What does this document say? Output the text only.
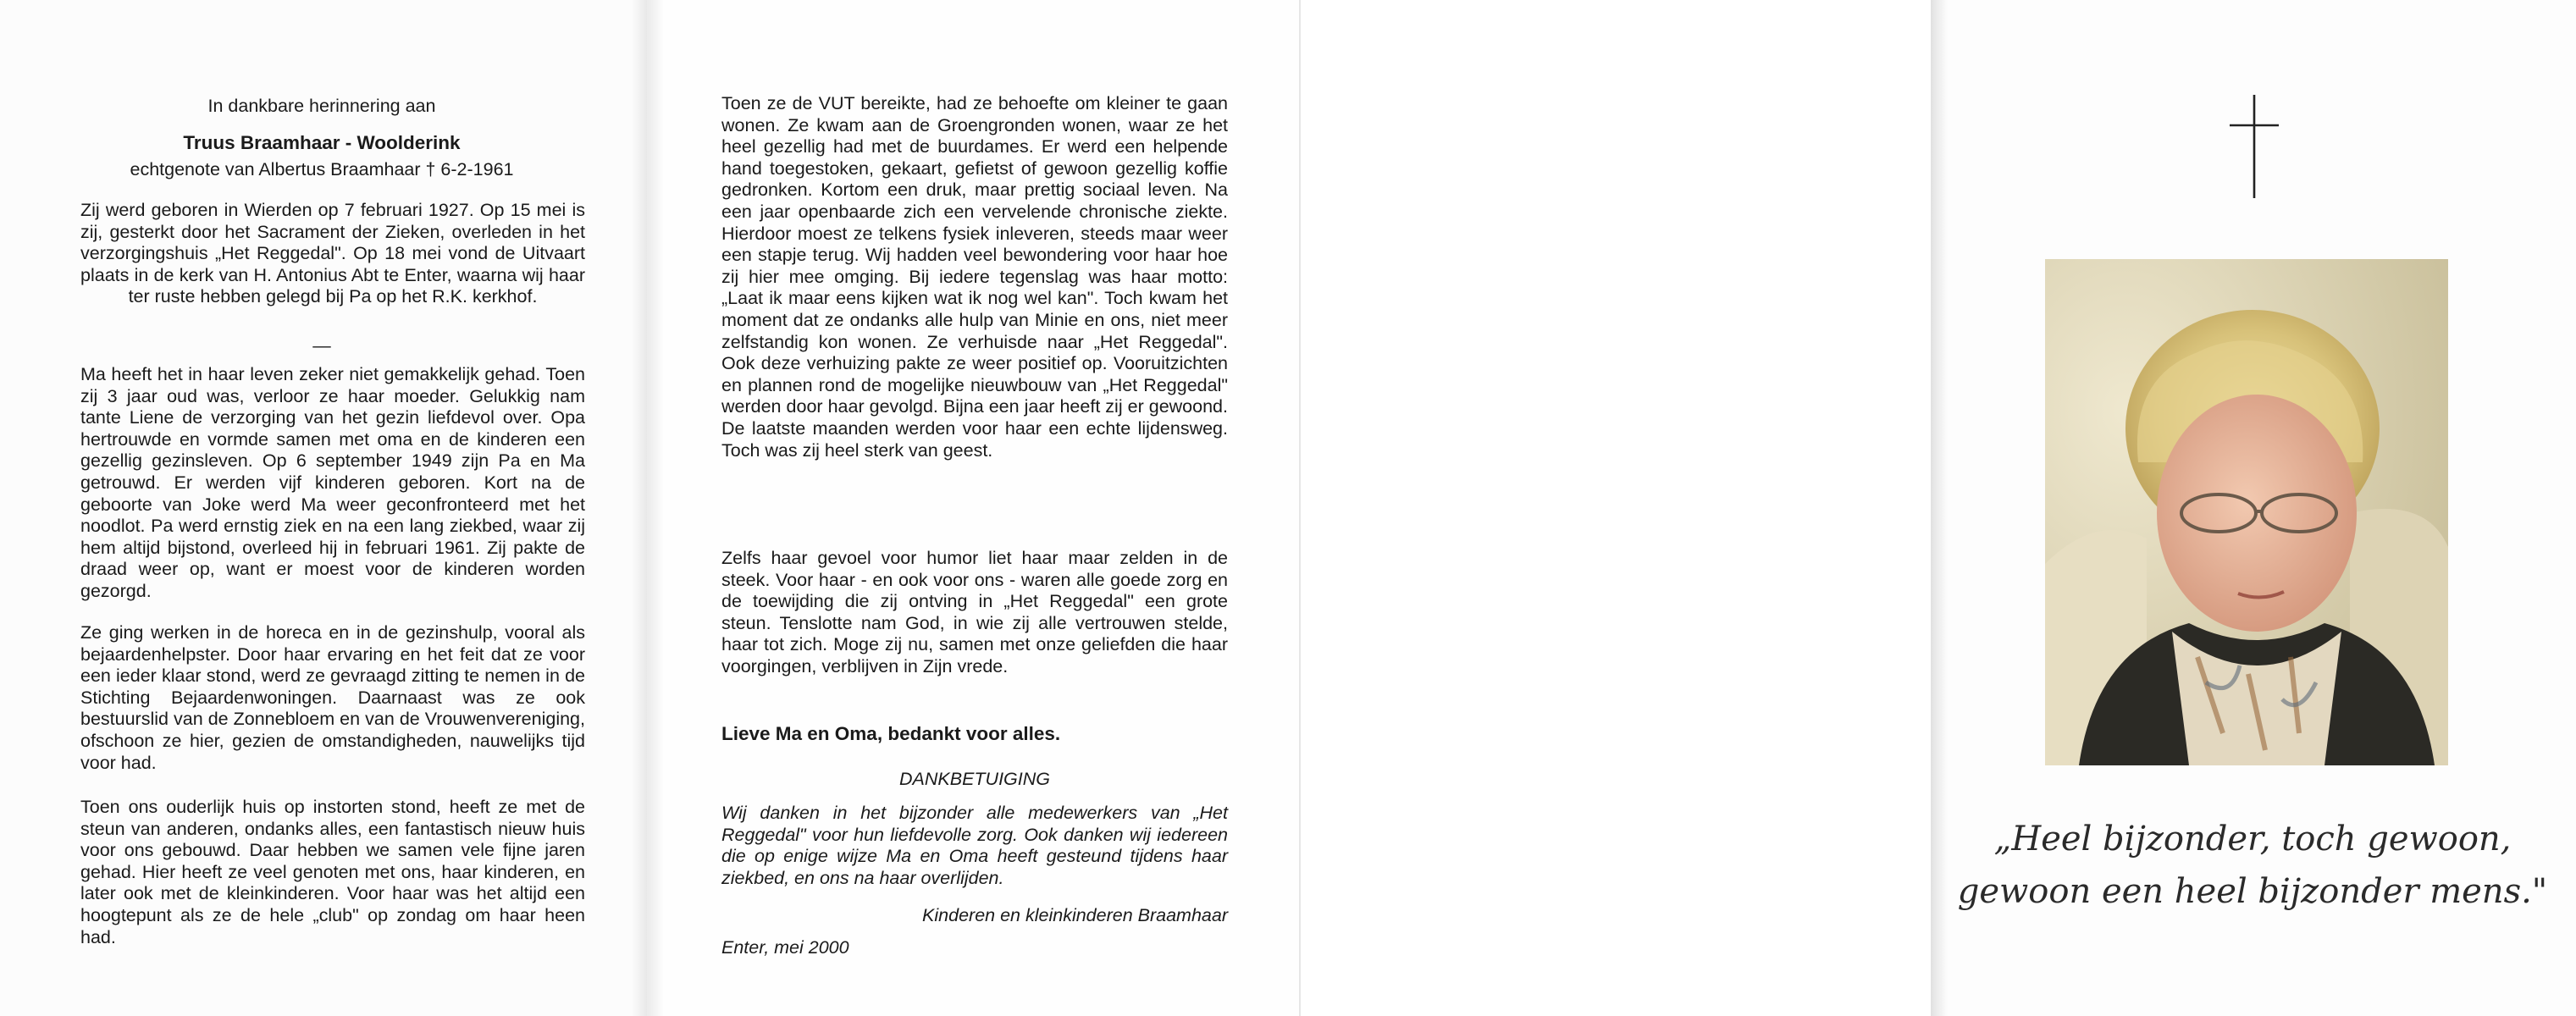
In dankbare herinnering aan

Truus Braamhaar - Woolderink

echtgenote van Albertus Braamhaar † 6-2-1961

Zij werd geboren in Wierden op 7 februari 1927. Op 15 mei is zij, gesterkt door het Sacrament der Zieken, overleden in het verzorgingshuis „Het Reggedal". Op 18 mei vond de Uitvaart plaats in de kerk van H. Antonius Abt te Enter, waarna wij haar ter ruste hebben gelegd bij Pa op het R.K. kerkhof.

—

Ma heeft het in haar leven zeker niet gemakkelijk gehad. Toen zij 3 jaar oud was, verloor ze haar moeder. Gelukkig nam tante Liene de verzorging van het gezin liefdevol over. Opa hertrouwde en vormde samen met oma en de kinderen een gezellig gezinsleven. Op 6 september 1949 zijn Pa en Ma getrouwd. Er werden vijf kinderen geboren. Kort na de geboorte van Joke werd Ma weer geconfronteerd met het noodlot. Pa werd ernstig ziek en na een lang ziekbed, waar zij hem altijd bijstond, overleed hij in februari 1961. Zij pakte de draad weer op, want er moest voor de kinderen worden gezorgd.

Ze ging werken in de horeca en in de gezinshulp, vooral als bejaardenhelpster. Door haar ervaring en het feit dat ze voor een ieder klaar stond, werd ze gevraagd zitting te nemen in de Stichting Bejaardenwoningen. Daarnaast was ze ook bestuurslid van de Zonnebloem en van de Vrouwenvereniging, ofschoon ze hier, gezien de omstandigheden, nauwelijks tijd voor had.

Toen ons ouderlijk huis op instorten stond, heeft ze met de steun van anderen, ondanks alles, een fantastisch nieuw huis voor ons gebouwd. Daar hebben we samen vele fijne jaren gehad. Hier heeft ze veel genoten met ons, haar kinderen, en later ook met de kleinkinderen. Voor haar was het altijd een hoogtepunt als ze de hele „club" op zondag om haar heen had.

Toen ze de VUT bereikte, had ze behoefte om kleiner te gaan wonen. Ze kwam aan de Groengronden wonen, waar ze het heel gezellig had met de buurdames. Er werd een helpende hand toegestoken, gekaart, gefietst of gewoon gezellig koffie gedronken. Kortom een druk, maar prettig sociaal leven. Na een jaar openbaarde zich een vervelende chronische ziekte. Hierdoor moest ze telkens fysiek inleveren, steeds maar weer een stapje terug. Wij hadden veel bewondering voor haar hoe zij hier mee omging. Bij iedere tegenslag was haar motto: „Laat ik maar eens kijken wat ik nog wel kan". Toch kwam het moment dat ze ondanks alle hulp van Minie en ons, niet meer zelfstandig kon wonen. Ze verhuisde naar „Het Reggedal". Ook deze verhuizing pakte ze weer positief op. Vooruitzichten en plannen rond de mogelijke nieuwbouw van „Het Reggedal" werden door haar gevolgd. Bijna een jaar heeft zij er gewoond. De laatste maanden werden voor haar een echte lijdensweg. Toch was zij heel sterk van geest.

Zelfs haar gevoel voor humor liet haar maar zelden in de steek. Voor haar - en ook voor ons - waren alle goede zorg en de toewijding die zij ontving in „Het Reggedal" een grote steun. Tenslotte nam God, in wie zij alle vertrouwen stelde, haar tot zich. Moge zij nu, samen met onze geliefden die haar voorgingen, verblijven in Zijn vrede.

Lieve Ma en Oma, bedankt voor alles.

DANKBETUIGING

Wij danken in het bijzonder alle medewerkers van „Het Reggedal" voor hun liefdevolle zorg. Ook danken wij iedereen die op enige wijze Ma en Oma heeft gesteund tijdens haar ziekbed, en ons na haar overlijden.

Kinderen en kleinkinderen Braamhaar

Enter, mei 2000

„Heel bijzonder, toch gewoon,
gewoon een heel bijzonder mens."
